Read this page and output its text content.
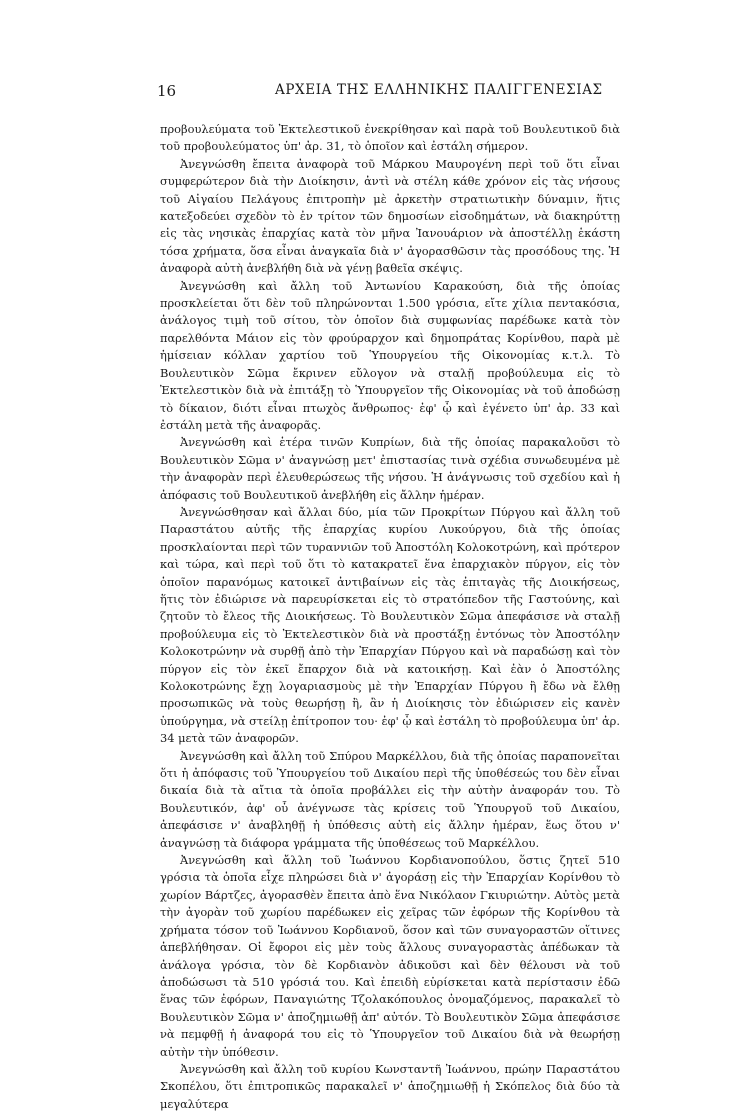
16	ΑΡΧΕΙΑ ΤΗΣ ΕΛΛΗΝΙΚΗΣ ΠΑΛΙΓΓΕΝΕΣΙΑΣ

προβουλεύματα τοῦ Ἐκτελεστικοῦ ἐνεκρίθησαν καὶ παρὰ τοῦ Βουλευτικοῦ διὰ τοῦ προβουλεύματος ὑπ' ἀρ. 31, τὸ ὁποῖον καὶ ἐστάλη σήμερον.

Ἀνεγνώσθη ἔπειτα ἀναφορὰ τοῦ Μάρκου Μαυρογένη περὶ τοῦ ὅτι εἶναι συμφερώτερον διὰ τὴν Διοίκησιν, ἀντὶ νὰ στέλη κάθε χρόνον εἰς τὰς νήσους τοῦ Αἰγαίου Πελάγους ἐπιτροπὴν μὲ ἀρκετὴν στρατιωτικὴν δύναμιν, ἥτις κατεξοδεύει σχεδὸν τὸ ἐν τρίτον τῶν δημοσίων εἰσοδημάτων, νὰ διακηρύττῃ εἰς τὰς νησικὰς ἐπαρχίας κατὰ τὸν μῆνα Ἰανουάριον νὰ ἀποστέλλῃ ἑκάστη τόσα χρήματα, ὅσα εἶναι ἀναγκαῖα διὰ ν' ἀγορασθῶσιν τὰς προσόδους της. Ἡ ἀναφορὰ αὐτὴ ἀνεβλήθη διὰ νὰ γένῃ βαθεῖα σκέψις.

Ἀνεγνώσθη καὶ ἄλλη τοῦ Ἀντωνίου Καρακούση, διὰ τῆς ὁποίας προσκλείεται ὅτι δὲν τοῦ πληρώνονται 1.500 γρόσια, εἴτε χίλια πεντακόσια, ἀνάλογος τιμὴ τοῦ σίτου, τὸν ὁποῖον διὰ συμφωνίας παρέδωκε κατὰ τὸν παρελθόντα Μάιον εἰς τὸν φρούραρχον καὶ δημοπράτας Κορίνθου, παρὰ μὲ ἡμίσειαν κόλλαν χαρτίου τοῦ Ὑπουργείου τῆς Οἰκονομίας κ.τ.λ. Τὸ Βουλευτικὸν Σῶμα ἔκρινεν εὔλογον νὰ σταλῇ προβούλευμα εἰς τὸ Ἐκτελεστικὸν διὰ νὰ ἐπιτάξῃ τὸ Ὑπουργεῖον τῆς Οἰκονομίας νὰ τοῦ ἀποδώσῃ τὸ δίκαιον, διότι εἶναι πτωχὸς ἄνθρωπος· ἐφ' ᾧ καὶ ἐγένετο ὑπ' ἀρ. 33 καὶ ἐστάλη μετὰ τῆς ἀναφορᾶς.

Ἀνεγνώσθη καὶ ἑτέρα τινῶν Κυπρίων, διὰ τῆς ὁποίας παρακαλοῦσι τὸ Βουλευτικὸν Σῶμα ν' ἀναγνώσῃ μετ' ἐπιστασίας τινὰ σχέδια συνωδευμένα μὲ τὴν ἀναφορὰν περὶ ἐλευθερώσεως τῆς νήσου. Ἡ ἀνάγνωσις τοῦ σχεδίου καὶ ἡ ἀπόφασις τοῦ Βουλευτικοῦ ἀνεβλήθη εἰς ἄλλην ἡμέραν.

Ἀνεγνώσθησαν καὶ ἄλλαι δύο, μία τῶν Προκρίτων Πύργου καὶ ἄλλη τοῦ Παραστάτου αὐτῆς τῆς ἐπαρχίας κυρίου Λυκούργου, διὰ τῆς ὁποίας προσκλαίονται περὶ τῶν τυραννιῶν τοῦ Ἀποστόλη Κολοκοτρώνη, καὶ πρότερον καὶ τώρα, καὶ περὶ τοῦ ὅτι τὸ κατακρατεῖ ἕνα ἐπαρχιακὸν πύργον, εἰς τὸν ὁποῖον παρανόμως κατοικεῖ ἀντιβαίνων εἰς τὰς ἐπιταγὰς τῆς Διοικήσεως, ἥτις τὸν ἐδιώρισε νὰ παρευρίσκεται εἰς τὸ στρατόπεδον τῆς Γαστούνης, καὶ ζητοῦν τὸ ἔλεος τῆς Διοικήσεως. Τὸ Βουλευτικὸν Σῶμα ἀπεφάσισε νὰ σταλῇ προβούλευμα εἰς τὸ Ἐκτελεστικὸν διὰ νὰ προστάξῃ ἐντόνως τὸν Ἀποστόλην Κολοκοτρώνην νὰ συρθῇ ἀπὸ τὴν Ἐπαρχίαν Πύργου καὶ νὰ παραδώσῃ καὶ τὸν πύργον εἰς τὸν ἐκεῖ ἔπαρχον διὰ νὰ κατοικήσῃ. Καὶ ἐὰν ὁ Ἀποστόλης Κολοκοτρώνης ἔχῃ λογαριασμοὺς μὲ τὴν Ἐπαρχίαν Πύργου ἢ ἔδω νὰ ἔλθῃ προσωπικῶς νὰ τοὺς θεωρήσῃ ἢ, ἂν ἡ Διοίκησις τὸν ἐδιώρισεν εἰς κανὲν ὑπούργημα, νὰ στείλῃ ἐπίτροπον του· ἐφ' ᾧ καὶ ἐστάλη τὸ προβούλευμα ὑπ' ἀρ. 34 μετὰ τῶν ἀναφορῶν.

Ἀνεγνώσθη καὶ ἄλλη τοῦ Σπύρου Μαρκέλλου, διὰ τῆς ὁποίας παραπονεῖται ὅτι ἡ ἀπόφασις τοῦ Ὑπουργείου τοῦ Δικαίου περὶ τῆς ὑποθέσεώς του δὲν εἶναι δικαία διὰ τὰ αἴτια τὰ ὁποῖα προβάλλει εἰς τὴν αὐτὴν ἀναφοράν του. Τὸ Βουλευτικόν, ἀφ' οὗ ἀνέγνωσε τὰς κρίσεις τοῦ Ὑπουργοῦ τοῦ Δικαίου, ἀπεφάσισε ν' ἀναβληθῇ ἡ ὑπόθεσις αὐτὴ εἰς ἄλλην ἡμέραν, ἕως ὅτου ν' ἀναγνώσῃ τὰ διάφορα γράμματα τῆς ὑποθέσεως τοῦ Μαρκέλλου.

Ἀνεγνώσθη καὶ ἄλλη τοῦ Ἰωάννου Κορδιανοπούλου, ὅστις ζητεῖ 510 γρόσια τὰ ὁποῖα εἶχε πληρώσει διὰ ν' ἀγοράσῃ εἰς τὴν Ἐπαρχίαν Κορίνθου τὸ χωρίον Βάρτζες, ἀγορασθὲν ἔπειτα ἀπὸ ἕνα Νικόλαον Γκιυριώτην. Αὐτὸς μετὰ τὴν ἀγορὰν τοῦ χωρίου παρέδωκεν εἰς χεῖρας τῶν ἐφόρων τῆς Κορίνθου τὰ χρήματα τόσον τοῦ Ἰωάννου Κορδιανοῦ, ὅσον καὶ τῶν συναγοραστῶν οἵτινες ἀπεβλήθησαν. Οἱ ἔφοροι εἰς μὲν τοὺς ἄλλους συναγοραστὰς ἀπέδωκαν τὰ ἀνάλογα γρόσια, τὸν δὲ Κορδιανὸν ἀδικοῦσι καὶ δὲν θέλουσι νὰ τοῦ ἀποδώσωσι τὰ 510 γρόσιά του. Καὶ ἐπειδὴ εὑρίσκεται κατὰ περίστασιν ἐδῶ ἕνας τῶν ἐφόρων, Παναγιώτης Τζολακόπουλος ὀνομαζόμενος, παρακαλεῖ τὸ Βουλευτικὸν Σῶμα ν' ἀποζημιωθῇ ἀπ' αὐτόν. Τὸ Βουλευτικὸν Σῶμα ἀπεφάσισε νὰ πεμφθῇ ἡ ἀναφορά του εἰς τὸ Ὑπουργεῖον τοῦ Δικαίου διὰ νὰ θεωρήσῃ αὐτὴν τὴν ὑπόθεσιν.

Ἀνεγνώσθη καὶ ἄλλη τοῦ κυρίου Κωνσταντῆ Ἰωάννου, πρώην Παραστάτου Σκοπέλου, ὅτι ἐπιτροπικῶς παρακαλεῖ ν' ἀποζημιωθῇ ἡ Σκόπελος διὰ δύο τὰ μεγαλύτερα
